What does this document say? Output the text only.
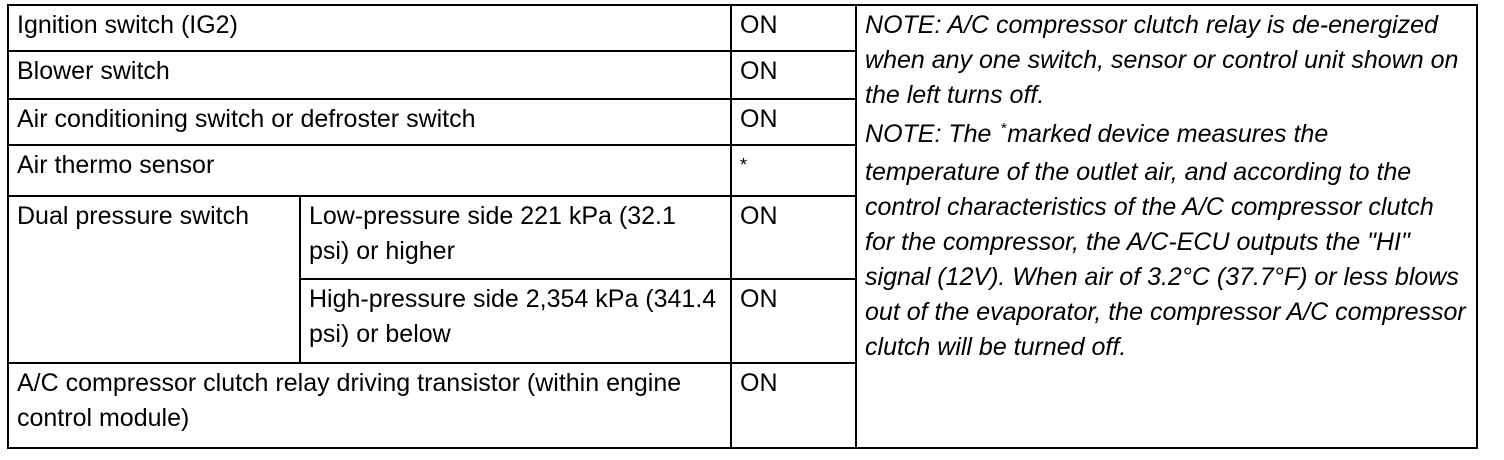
Ignition switch (IG2)		ON	NOTE: A/C compressor clutch relay is de-energized when any one switch, sensor or control unit shown on the left turns off.
NOTE: The *marked device measures the temperature of the outlet air, and according to the control characteristics of the A/C compressor clutch for the compressor, the A/C-ECU outputs the "HI" signal (12V). When air of 3.2°C (37.7°F) or less blows out of the evaporator, the compressor A/C compressor clutch will be turned off.

Blower switch		ON	
Air conditioning switch or defroster switch		ON	
Air thermo sensor		*	
Dual pressure switch	Low-pressure side 221 kPa (32.1 psi) or higher	ON	
	High-pressure side 2,354 kPa (341.4 psi) or below	ON	
A/C compressor clutch relay driving transistor (within engine control module)		ON	
